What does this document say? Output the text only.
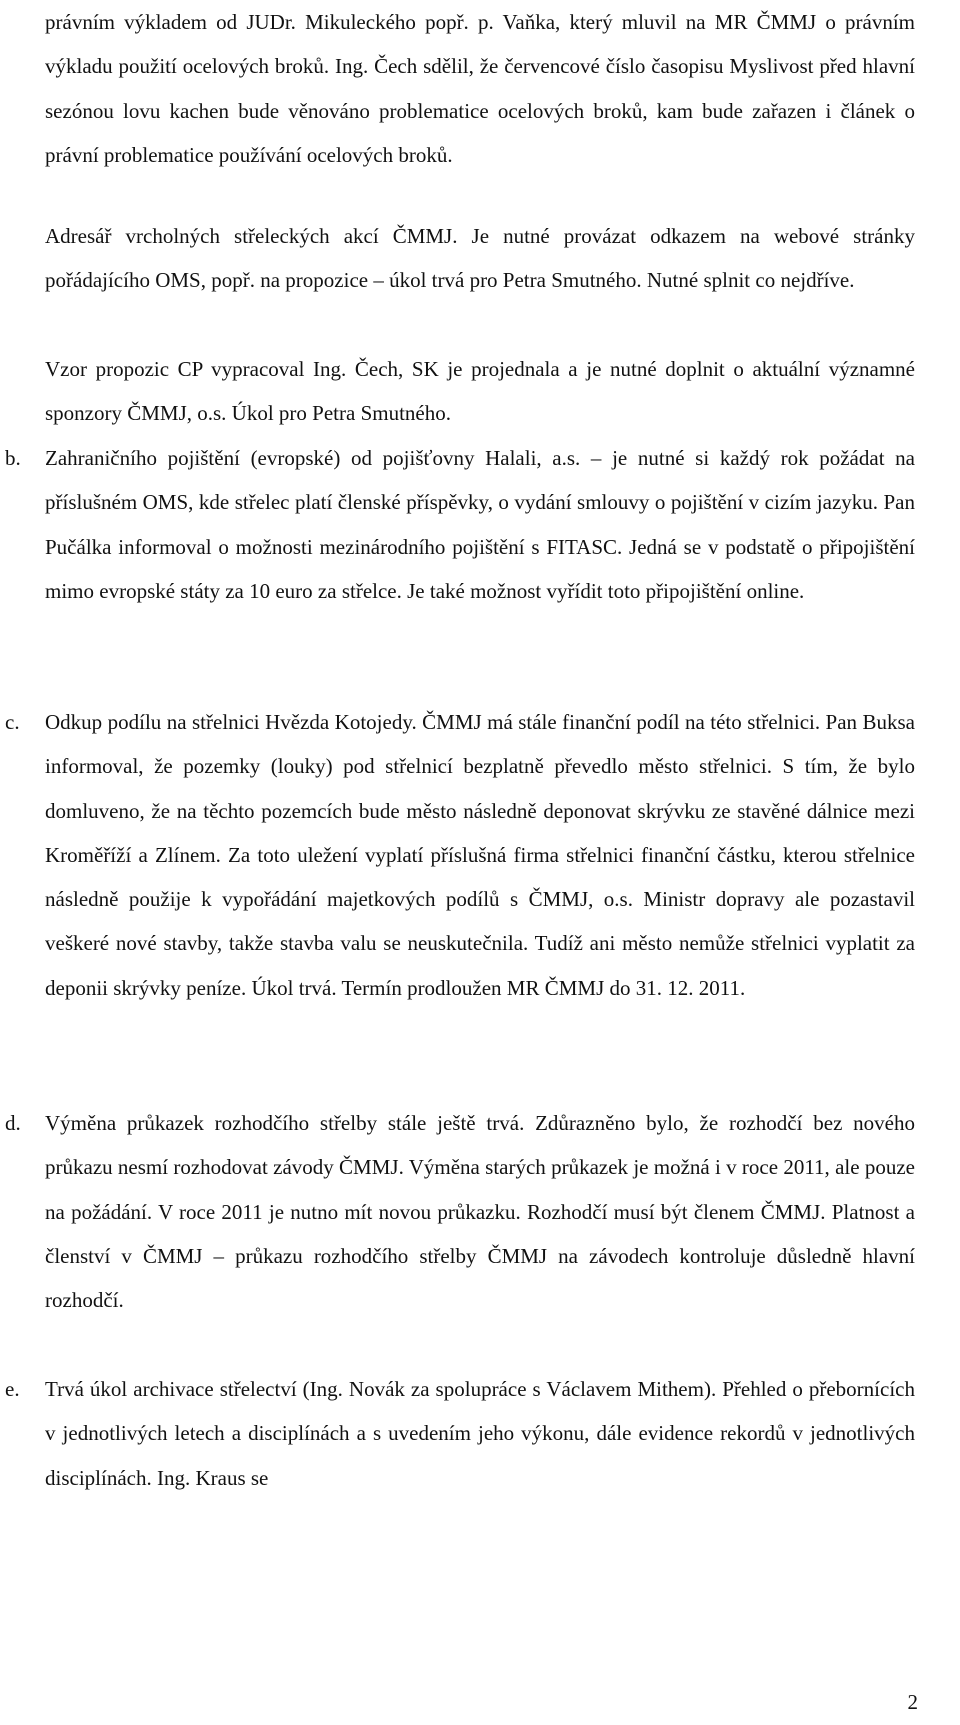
právním výkladem od JUDr. Mikuleckého popř. p. Vaňka, který mluvil na MR ČMMJ o právním výkladu použití ocelových broků. Ing. Čech sdělil, že červencové číslo časopisu Myslivost před hlavní sezónou lovu kachen bude věnováno problematice ocelových broků, kam bude zařazen i článek o právní problematice používání ocelových broků.

Adresář vrcholných střeleckých akcí ČMMJ. Je nutné provázat odkazem na webové stránky pořádajícího OMS, popř. na propozice – úkol trvá pro Petra Smutného. Nutné splnit co nejdříve.

Vzor propozic CP vypracoval Ing. Čech, SK je projednala a je nutné doplnit o aktuální významné sponzory ČMMJ, o.s. Úkol pro Petra Smutného.

b.	Zahraničního pojištění (evropské) od pojišťovny Halali, a.s. – je nutné si každý rok požádat na příslušném OMS, kde střelec platí členské příspěvky, o vydání smlouvy o pojištění v cizím jazyku. Pan Pučálka informoval o možnosti mezinárodního pojištění s FITASC. Jedná se v podstatě o připojištění mimo evropské státy za 10 euro za střelce. Je také možnost vyřídit toto připojištění online.
c.	Odkup podílu na střelnici Hvězda Kotojedy. ČMMJ má stále finanční podíl na této střelnici. Pan Buksa informoval, že pozemky (louky) pod střelnicí bezplatně převedlo město střelnici. S tím, že bylo domluveno, že na těchto pozemcích bude město následně deponovat skrývku ze stavěné dálnice mezi Kroměříží a Zlínem. Za toto uležení vyplatí příslušná firma střelnici finanční částku, kterou střelnice následně použije k vypořádání majetkových podílů s ČMMJ, o.s. Ministr dopravy ale pozastavil veškeré nové stavby, takže stavba valu se neuskutečnila. Tudíž ani město nemůže střelnici vyplatit za deponii skrývky peníze. Úkol trvá. Termín prodloužen MR ČMMJ do 31. 12. 2011.
d.	Výměna průkazek rozhodčího střelby stále ještě trvá. Zdůrazněno bylo, že rozhodčí bez nového průkazu nesmí rozhodovat závody ČMMJ. Výměna starých průkazek je možná i v roce 2011, ale pouze na požádání. V roce 2011 je nutno mít novou průkazku. Rozhodčí musí být členem ČMMJ. Platnost a členství v ČMMJ – průkazu rozhodčího střelby ČMMJ na závodech kontroluje důsledně hlavní rozhodčí.
e.	Trvá úkol archivace střelectví (Ing. Novák za spolupráce s Václavem Mithem). Přehled o přebornících v jednotlivých letech a disciplínách a s uvedením jeho výkonu, dále evidence rekordů v jednotlivých disciplínách. Ing. Kraus se
2
